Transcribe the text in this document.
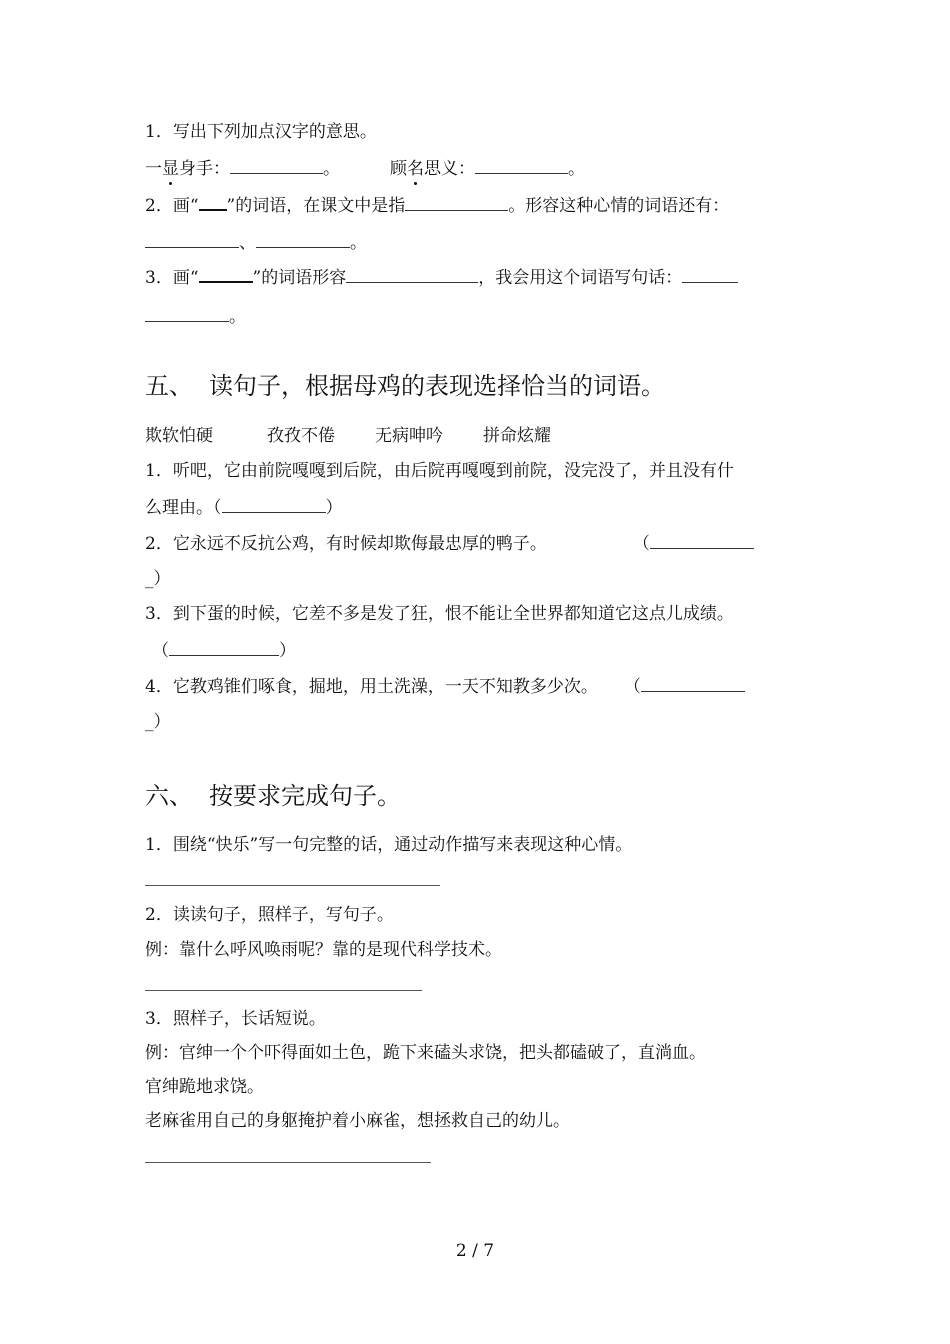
1．写出下列加点汉字的意思。
一显身手：	。	顾名思义：	。
2．画“ ”的词语，在课文中是指	。形容这种心情的词语还有：
、	。
3．画“	”的词语形容	，我会用这个词语写句话：
。
五、 读句子，根据母鸡的表现选择恰当的词语。
欺软怕硬	孜孜不倦 无病呻吟 拼命炫耀
1．听吧，它由前院嘎嘎到后院，由后院再嘎嘎到前院，没完没了，并且没有什
么理由。（	）
2．它永远不反抗公鸡，有时候却欺侮最忠厚的鸭子。	（
_）
3．到下蛋的时候，它差不多是发了狂，恨不能让全世界都知道它这点儿成绩。
（	）
4．它教鸡锥们啄食，掘地，用土洗澡，一天不知教多少次。 （
_）
六、 按要求完成句子。
1．围绕“快乐”写一句完整的话，通过动作描写来表现这种心情。
2．读读句子，照样子，写句子。
例：靠什么呼风唤雨呢？靠的是现代科学技术。
3．照样子，长话短说。
例：官绅一个个吓得面如土色，跪下来磕头求饶，把头都磕破了，直淌血。
官绅跪地求饶。
老麻雀用自己的身躯掩护着小麻雀，想拯救自己的幼儿。
2 / 7
